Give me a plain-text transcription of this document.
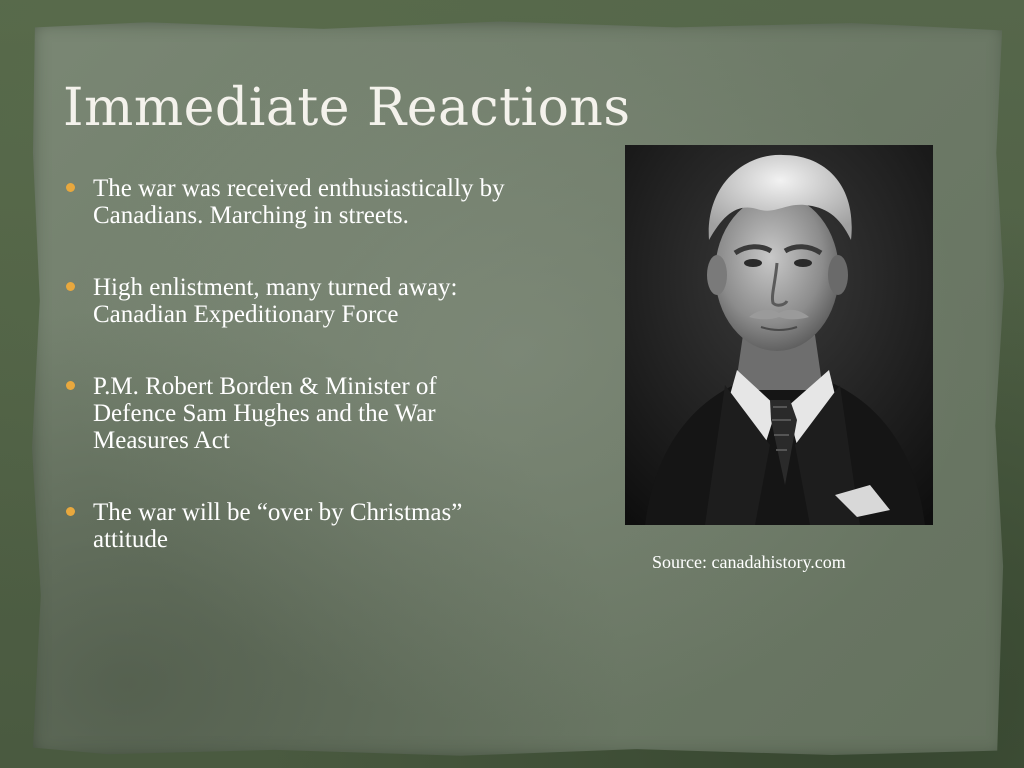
Immediate Reactions
The war was received enthusiastically by Canadians. Marching in streets.
High enlistment, many turned away: Canadian Expeditionary Force
P.M. Robert Borden & Minister of Defence Sam Hughes and the War Measures Act
The war will be “over by Christmas” attitude
Source: canadahistory.com
